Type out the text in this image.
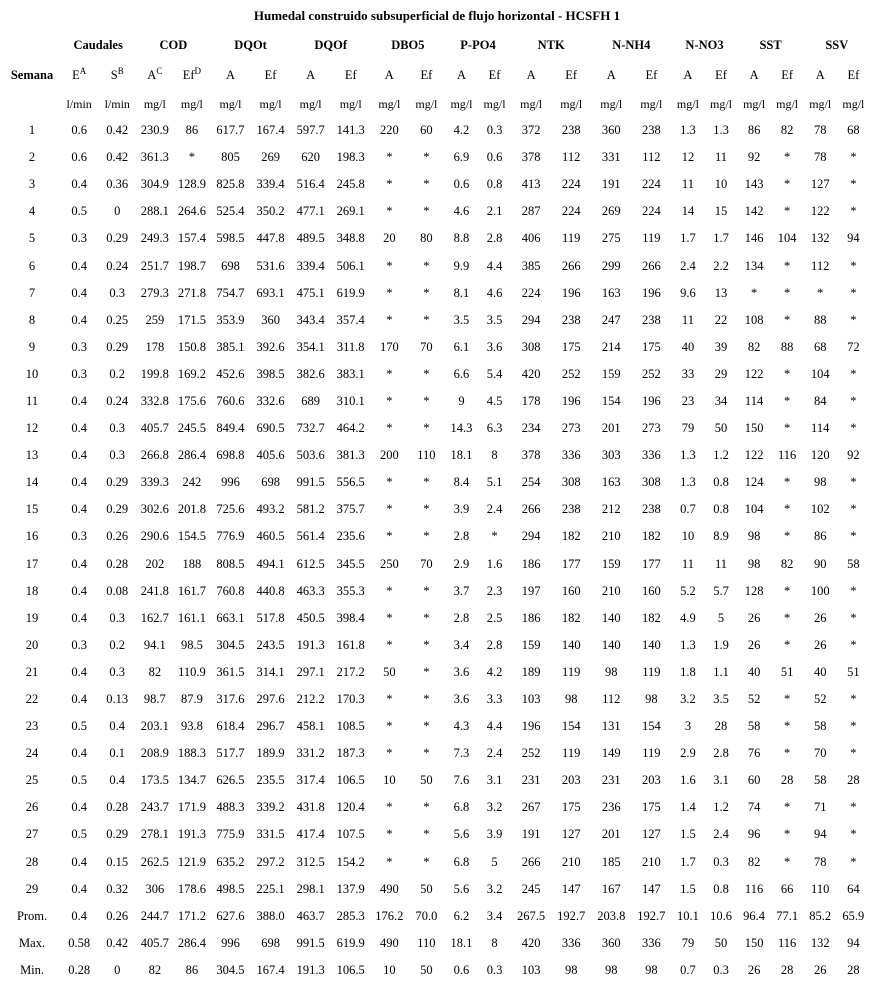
Humedal construido subsuperficial de flujo horizontal - HCSFH 1
	Caudales		COD		DQOt		DQOf		DBO5		P-PO4		NTK		N-NH4		N-NO3		SST		SSV	
Semana	$E^A$	$S^B$	$A^C$	$Ef^D$	A	Ef	A	Ef	A	Ef	A	Ef	A	Ef	A	Ef	A	Ef	A	Ef	A	Ef
	l/min	l/min	mg/l	mg/l	mg/l	mg/l	mg/l	mg/l	mg/l	mg/l	mg/l	mg/l	mg/l	mg/l	mg/l	mg/l	mg/l	mg/l	mg/l	mg/l	mg/l	mg/l
1	0.6	0.42	230.9	86	617.7	167.4	597.7	141.3	220	60	4.2	0.3	372	238	360	238	1.3	1.3	86	82	78	68
2	0.6	0.42	361.3	*	805	269	620	198.3	*	*	6.9	0.6	378	112	331	112	12	11	92	*	78	*
3	0.4	0.36	304.9	128.9	825.8	339.4	516.4	245.8	*	*	0.6	0.8	413	224	191	224	11	10	143	*	127	*
4	0.5	0	288.1	264.6	525.4	350.2	477.1	269.1	*	*	4.6	2.1	287	224	269	224	14	15	142	*	122	*
5	0.3	0.29	249.3	157.4	598.5	447.8	489.5	348.8	20	80	8.8	2.8	406	119	275	119	1.7	1.7	146	104	132	94
6	0.4	0.24	251.7	198.7	698	531.6	339.4	506.1	*	*	9.9	4.4	385	266	299	266	2.4	2.2	134	*	112	*
7	0.4	0.3	279.3	271.8	754.7	693.1	475.1	619.9	*	*	8.1	4.6	224	196	163	196	9.6	13	*	*	*	*
8	0.4	0.25	259	171.5	353.9	360	343.4	357.4	*	*	3.5	3.5	294	238	247	238	11	22	108	*	88	*
9	0.3	0.29	178	150.8	385.1	392.6	354.1	311.8	170	70	6.1	3.6	308	175	214	175	40	39	82	88	68	72
10	0.3	0.2	199.8	169.2	452.6	398.5	382.6	383.1	*	*	6.6	5.4	420	252	159	252	33	29	122	*	104	*
11	0.4	0.24	332.8	175.6	760.6	332.6	689	310.1	*	*	9	4.5	178	196	154	196	23	34	114	*	84	*
12	0.4	0.3	405.7	245.5	849.4	690.5	732.7	464.2	*	*	14.3	6.3	234	273	201	273	79	50	150	*	114	*
13	0.4	0.3	266.8	286.4	698.8	405.6	503.6	381.3	200	110	18.1	8	378	336	303	336	1.3	1.2	122	116	120	92
14	0.4	0.29	339.3	242	996	698	991.5	556.5	*	*	8.4	5.1	254	308	163	308	1.3	0.8	124	*	98	*
15	0.4	0.29	302.6	201.8	725.6	493.2	581.2	375.7	*	*	3.9	2.4	266	238	212	238	0.7	0.8	104	*	102	*
16	0.3	0.26	290.6	154.5	776.9	460.5	561.4	235.6	*	*	2.8	*	294	182	210	182	10	8.9	98	*	86	*
17	0.4	0.28	202	188	808.5	494.1	612.5	345.5	250	70	2.9	1.6	186	177	159	177	11	11	98	82	90	58
18	0.4	0.08	241.8	161.7	760.8	440.8	463.3	355.3	*	*	3.7	2.3	197	160	210	160	5.2	5.7	128	*	100	*
19	0.4	0.3	162.7	161.1	663.1	517.8	450.5	398.4	*	*	2.8	2.5	186	182	140	182	4.9	5	26	*	26	*
20	0.3	0.2	94.1	98.5	304.5	243.5	191.3	161.8	*	*	3.4	2.8	159	140	140	140	1.3	1.9	26	*	26	*
21	0.4	0.3	82	110.9	361.5	314.1	297.1	217.2	50	*	3.6	4.2	189	119	98	119	1.8	1.1	40	51	40	51
22	0.4	0.13	98.7	87.9	317.6	297.6	212.2	170.3	*	*	3.6	3.3	103	98	112	98	3.2	3.5	52	*	52	*
23	0.5	0.4	203.1	93.8	618.4	296.7	458.1	108.5	*	*	4.3	4.4	196	154	131	154	3	28	58	*	58	*
24	0.4	0.1	208.9	188.3	517.7	189.9	331.2	187.3	*	*	7.3	2.4	252	119	149	119	2.9	2.8	76	*	70	*
25	0.5	0.4	173.5	134.7	626.5	235.5	317.4	106.5	10	50	7.6	3.1	231	203	231	203	1.6	3.1	60	28	58	28
26	0.4	0.28	243.7	171.9	488.3	339.2	431.8	120.4	*	*	6.8	3.2	267	175	236	175	1.4	1.2	74	*	71	*
27	0.5	0.29	278.1	191.3	775.9	331.5	417.4	107.5	*	*	5.6	3.9	191	127	201	127	1.5	2.4	96	*	94	*
28	0.4	0.15	262.5	121.9	635.2	297.2	312.5	154.2	*	*	6.8	5	266	210	185	210	1.7	0.3	82	*	78	*
29	0.4	0.32	306	178.6	498.5	225.1	298.1	137.9	490	50	5.6	3.2	245	147	167	147	1.5	0.8	116	66	110	64
Prom.	0.4	0.26	244.7	171.2	627.6	388.0	463.7	285.3	176.2	70.0	6.2	3.4	267.5	192.7	203.8	192.7	10.1	10.6	96.4	77.1	85.2	65.9
Max.	0.58	0.42	405.7	286.4	996	698	991.5	619.9	490	110	18.1	8	420	336	360	336	79	50	150	116	132	94
Min.	0.28	0	82	86	304.5	167.4	191.3	106.5	10	50	0.6	0.3	103	98	98	98	0.7	0.3	26	28	26	28
